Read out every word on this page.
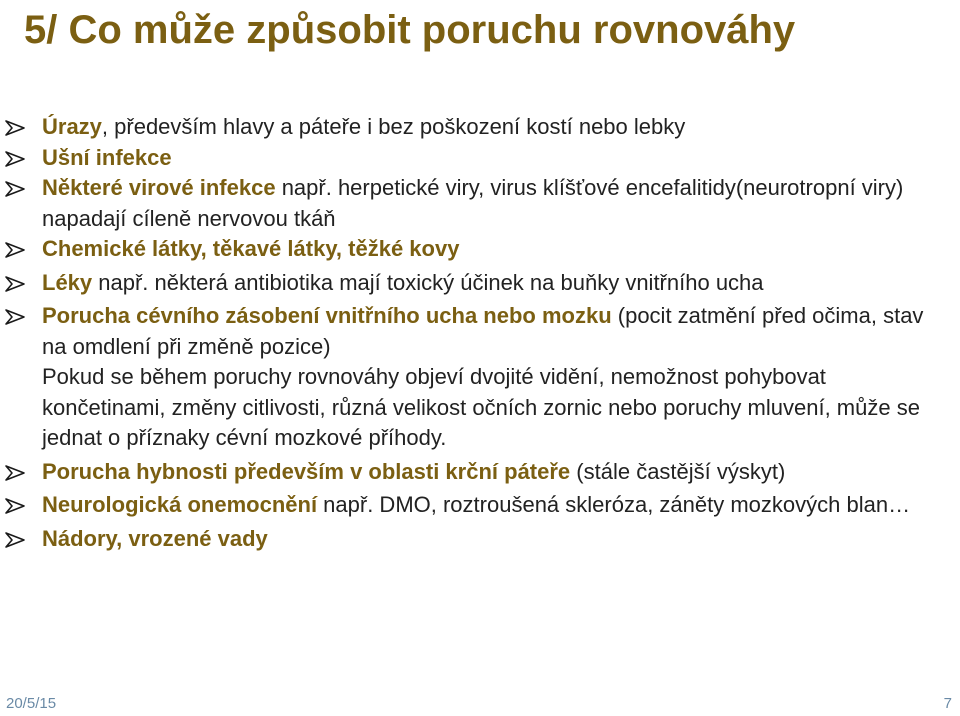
5/ Co může způsobit poruchu rovnováhy
Úrazy, především hlavy a páteře i bez poškození kostí nebo lebky
Ušní infekce
Některé virové infekce např. herpetické viry, virus klíšťové encefalitidy(neurotropní viry) napadají cíleně nervovou tkáň
Chemické látky, těkavé látky, těžké kovy
Léky např. některá antibiotika mají toxický účinek na buňky vnitřního ucha
Porucha cévního zásobení vnitřního ucha nebo mozku (pocit zatmění před očima, stav na omdlení při změně pozice)
Pokud se během poruchy rovnováhy objeví dvojité vidění, nemožnost pohybovat končetinami, změny citlivosti, různá velikost očních zornic nebo poruchy mluvení, může se jednat o příznaky cévní mozkové příhody.
Porucha hybnosti především v oblasti krční páteře (stále častější výskyt)
Neurologická onemocnění např. DMO, roztroušená skleróza, záněty mozkových blan…
Nádory, vrozené vady
20/5/15	7
